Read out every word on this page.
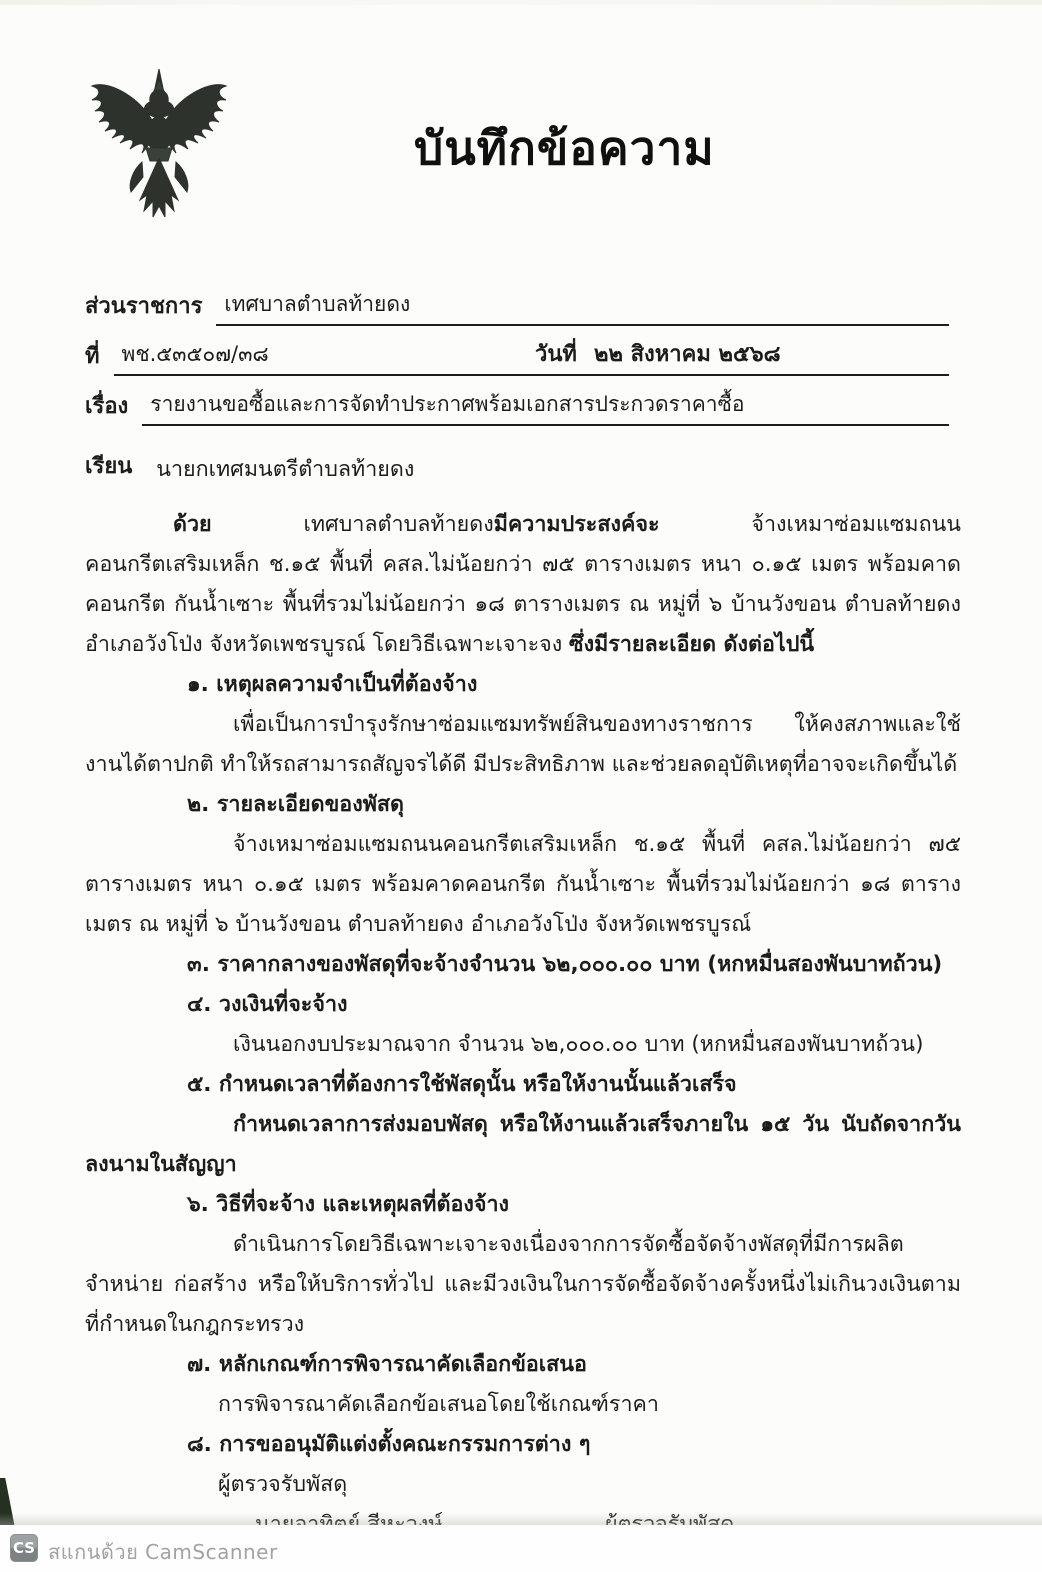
บันทึกข้อความ
ส่วนราชการ	เทศบาลตำบลท้ายดง
ที่	พช.๕๓๕๐๗/๓๘	วันที่ ๒๒ สิงหาคม ๒๕๖๘
เรื่อง	รายงานขอซื้อและการจัดทำประกาศพร้อมเอกสารประกวดราคาซื้อ
เรียน	นายกเทศมนตรีตำบลท้ายดง

ด้วย เทศบาลตำบลท้ายดงมีความประสงค์จะ จ้างเหมาซ่อมแซมถนนคอนกรีตเสริมเหล็ก ช.๑๕ พื้นที่ คสล.ไม่น้อยกว่า ๗๕ ตารางเมตร หนา ๐.๑๕ เมตร พร้อมคาดคอนกรีต กันน้ำเซาะ พื้นที่รวมไม่น้อยกว่า ๑๘ ตารางเมตร ณ หมู่ที่ ๖ บ้านวังขอน ตำบลท้ายดง อำเภอวังโป่ง จังหวัดเพชรบูรณ์ โดยวิธีเฉพาะเจาะจง ซึ่งมีรายละเอียด ดังต่อไปนี้

๑. เหตุผลความจำเป็นที่ต้องจ้าง

เพื่อเป็นการบำรุงรักษาซ่อมแซมทรัพย์สินของทางราชการ ให้คงสภาพและใช้งานได้ตาปกติ ทำให้รถสามารถสัญจรได้ดี มีประสิทธิภาพ และช่วยลดอุบัติเหตุที่อาจจะเกิดขึ้นได้

๒. รายละเอียดของพัสดุ

จ้างเหมาซ่อมแซมถนนคอนกรีตเสริมเหล็ก ช.๑๕ พื้นที่ คสล.ไม่น้อยกว่า ๗๕ ตารางเมตร หนา ๐.๑๕ เมตร พร้อมคาดคอนกรีต กันน้ำเซาะ พื้นที่รวมไม่น้อยกว่า ๑๘ ตารางเมตร ณ หมู่ที่ ๖ บ้านวังขอน ตำบลท้ายดง อำเภอวังโป่ง จังหวัดเพชรบูรณ์

๓. ราคากลางของพัสดุที่จะจ้างจำนวน ๖๒,๐๐๐.๐๐ บาท (หกหมื่นสองพันบาทถ้วน)

๔. วงเงินที่จะจ้าง

เงินนอกงบประมาณจาก จำนวน ๖๒,๐๐๐.๐๐ บาท (หกหมื่นสองพันบาทถ้วน)

๕. กำหนดเวลาที่ต้องการใช้พัสดุนั้น หรือให้งานนั้นแล้วเสร็จ

กำหนดเวลาการส่งมอบพัสดุ หรือให้งานแล้วเสร็จภายใน ๑๕ วัน นับถัดจากวันลงนามในสัญญา

๖. วิธีที่จะจ้าง และเหตุผลที่ต้องจ้าง

ดำเนินการโดยวิธีเฉพาะเจาะจงเนื่องจากการจัดซื้อจัดจ้างพัสดุที่มีการผลิต จำหน่าย ก่อสร้าง หรือให้บริการทั่วไป และมีวงเงินในการจัดซื้อจัดจ้างครั้งหนึ่งไม่เกินวงเงินตามที่กำหนดในกฎกระทรวง

๗. หลักเกณฑ์การพิจารณาคัดเลือกข้อเสนอ

การพิจารณาคัดเลือกข้อเสนอโดยใช้เกณฑ์ราคา

๘. การขออนุมัติแต่งตั้งคณะกรรมการต่าง ๆ

ผู้ตรวจรับพัสดุ

CS สแกนด้วย CamScanner
